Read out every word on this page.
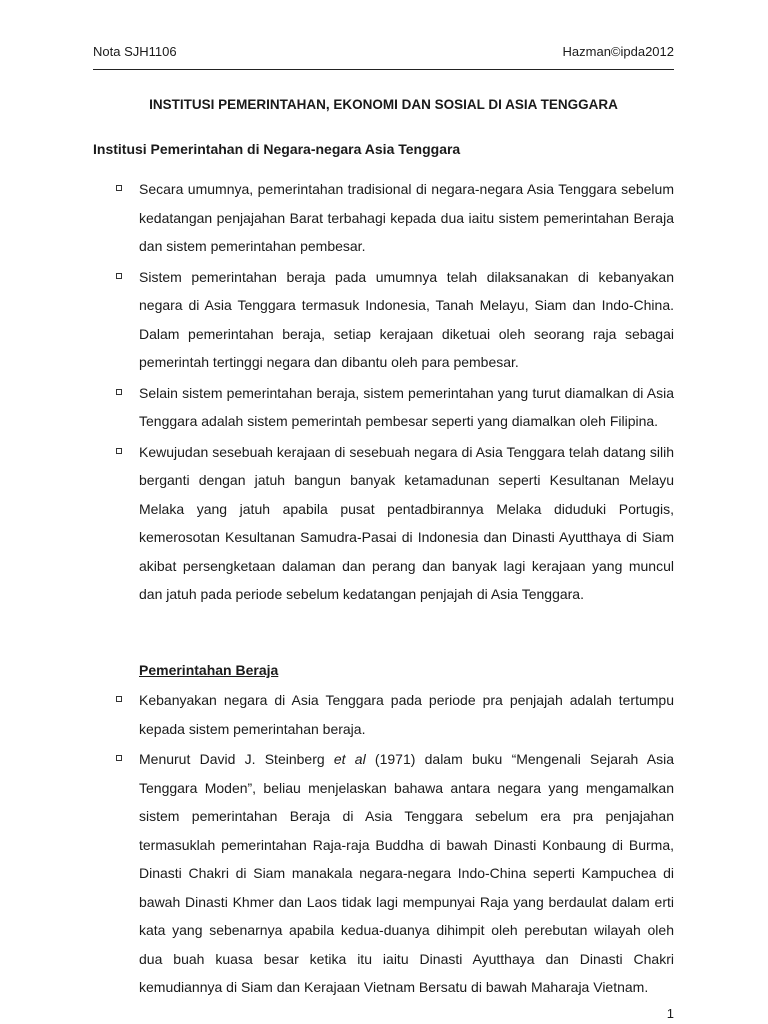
Nota SJH1106	Hazman©ipda2012
INSTITUSI PEMERINTAHAN, EKONOMI DAN SOSIAL DI ASIA TENGGARA
Institusi Pemerintahan di Negara-negara Asia Tenggara
Secara umumnya, pemerintahan tradisional di negara-negara Asia Tenggara sebelum kedatangan penjajahan Barat terbahagi kepada dua iaitu sistem pemerintahan Beraja dan sistem pemerintahan pembesar.
Sistem pemerintahan beraja pada umumnya telah dilaksanakan di kebanyakan negara di Asia Tenggara termasuk Indonesia, Tanah Melayu, Siam dan Indo-China. Dalam pemerintahan beraja, setiap kerajaan diketuai oleh seorang raja sebagai pemerintah tertinggi negara dan dibantu oleh para pembesar.
Selain sistem pemerintahan beraja, sistem pemerintahan yang turut diamalkan di Asia Tenggara adalah sistem pemerintah pembesar seperti yang diamalkan oleh Filipina.
Kewujudan sesebuah kerajaan di sesebuah negara di Asia Tenggara telah datang silih berganti dengan jatuh bangun banyak ketamadunan seperti Kesultanan Melayu Melaka yang jatuh apabila pusat pentadbirannya Melaka diduduki Portugis, kemerosotan Kesultanan Samudra-Pasai di Indonesia dan Dinasti Ayutthaya di Siam akibat persengketaan dalaman dan perang dan banyak lagi kerajaan yang muncul dan jatuh pada periode sebelum kedatangan penjajah di Asia Tenggara.
Pemerintahan Beraja
Kebanyakan negara di Asia Tenggara pada periode pra penjajah adalah tertumpu kepada sistem pemerintahan beraja.
Menurut David J. Steinberg et al (1971) dalam buku “Mengenali Sejarah Asia Tenggara Moden”, beliau menjelaskan bahawa antara negara yang mengamalkan sistem pemerintahan Beraja di Asia Tenggara sebelum era pra penjajahan termasuklah pemerintahan Raja-raja Buddha di bawah Dinasti Konbaung di Burma, Dinasti Chakri di Siam manakala negara-negara Indo-China seperti Kampuchea di bawah Dinasti Khmer dan Laos tidak lagi mempunyai Raja yang berdaulat dalam erti kata yang sebenarnya apabila kedua-duanya dihimpit oleh perebutan wilayah oleh dua buah kuasa besar ketika itu iaitu Dinasti Ayutthaya dan Dinasti Chakri kemudiannya di Siam dan Kerajaan Vietnam Bersatu di bawah Maharaja Vietnam.
1
